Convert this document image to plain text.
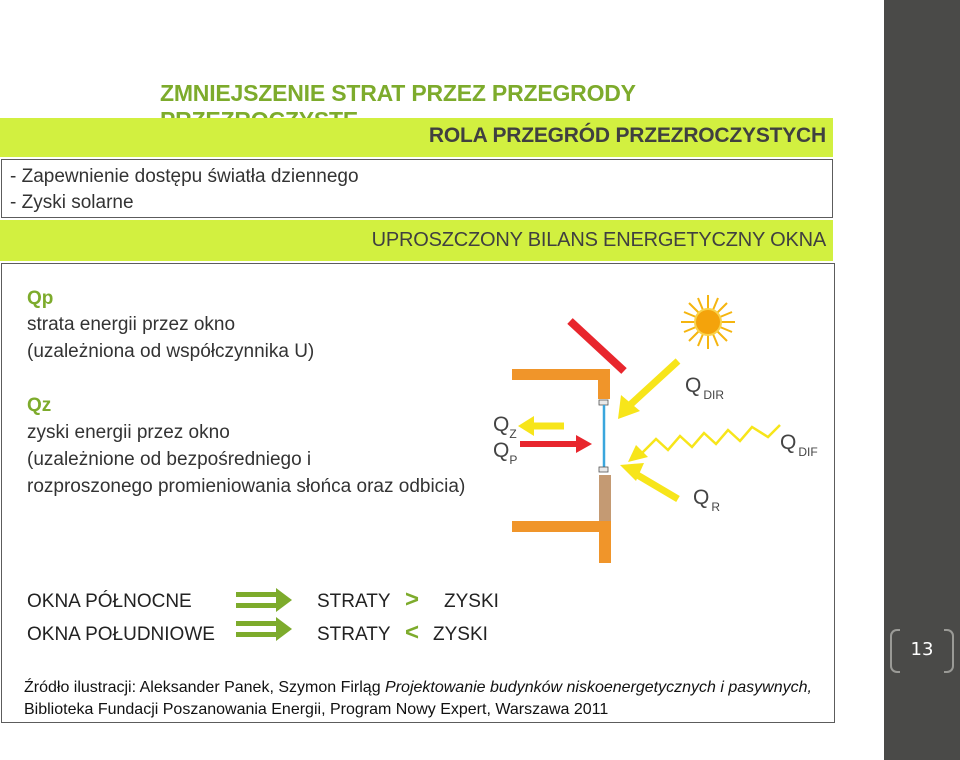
13
ZMNIEJSZENIE STRAT PRZEZ PRZEGRODY
ROLA PRZEGRÓD PRZEZROCZYSTYCH
- Zapewnienie dostępu światła dziennego
- Zyski solarne
UPROSZCZONY BILANS ENERGETYCZNY OKNA
Qp
strata energii przez okno
(uzależniona od współczynnika U)
Qz
zyski energii przez okno
(uzależnione od bezpośredniego i
rozproszonego promieniowania słońca oraz odbicia)
$Q_Z$
$Q_P$
Q $_{DIR}$
Q $_{DIF}$
Q $_R$
OKNA PÓŁNOCNE	STRATY > ZYSKI
OKNA POŁUDNIOWE	STRATY < ZYSKI
Źródło ilustracji: Aleksander Panek, Szymon Firląg Projektowanie budynków niskoenergetycznych i pasywnych,
Biblioteka Fundacji Poszanowania Energii, Program Nowy Expert, Warszawa 2011
